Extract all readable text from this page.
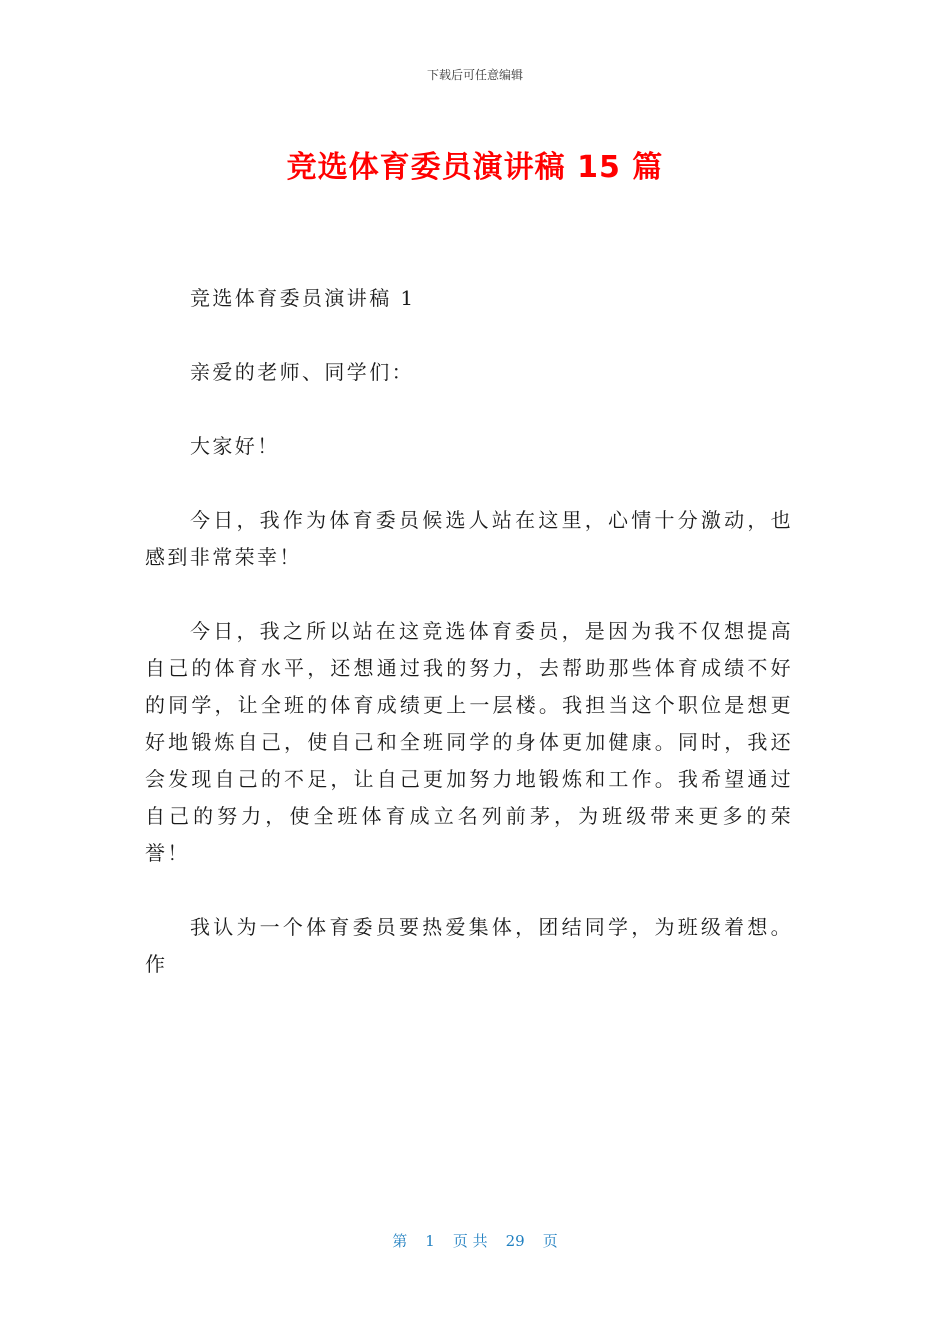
下载后可任意编辑
竞选体育委员演讲稿 15 篇

竞选体育委员演讲稿 1

亲爱的老师、同学们：

大家好！

今日，我作为体育委员候选人站在这里，心情十分激动，也感到非常荣幸！

今日，我之所以站在这竞选体育委员，是因为我不仅想提高自己的体育水平，还想通过我的努力，去帮助那些体育成绩不好的同学，让全班的体育成绩更上一层楼。我担当这个职位是想更好地锻炼自己，使自己和全班同学的身体更加健康。同时，我还会发现自己的不足，让自己更加努力地锻炼和工作。我希望通过自己的努力，使全班体育成立名列前茅，为班级带来更多的荣誉！

我认为一个体育委员要热爱集体，团结同学，为班级着想。作

第 1 页 共 29 页
